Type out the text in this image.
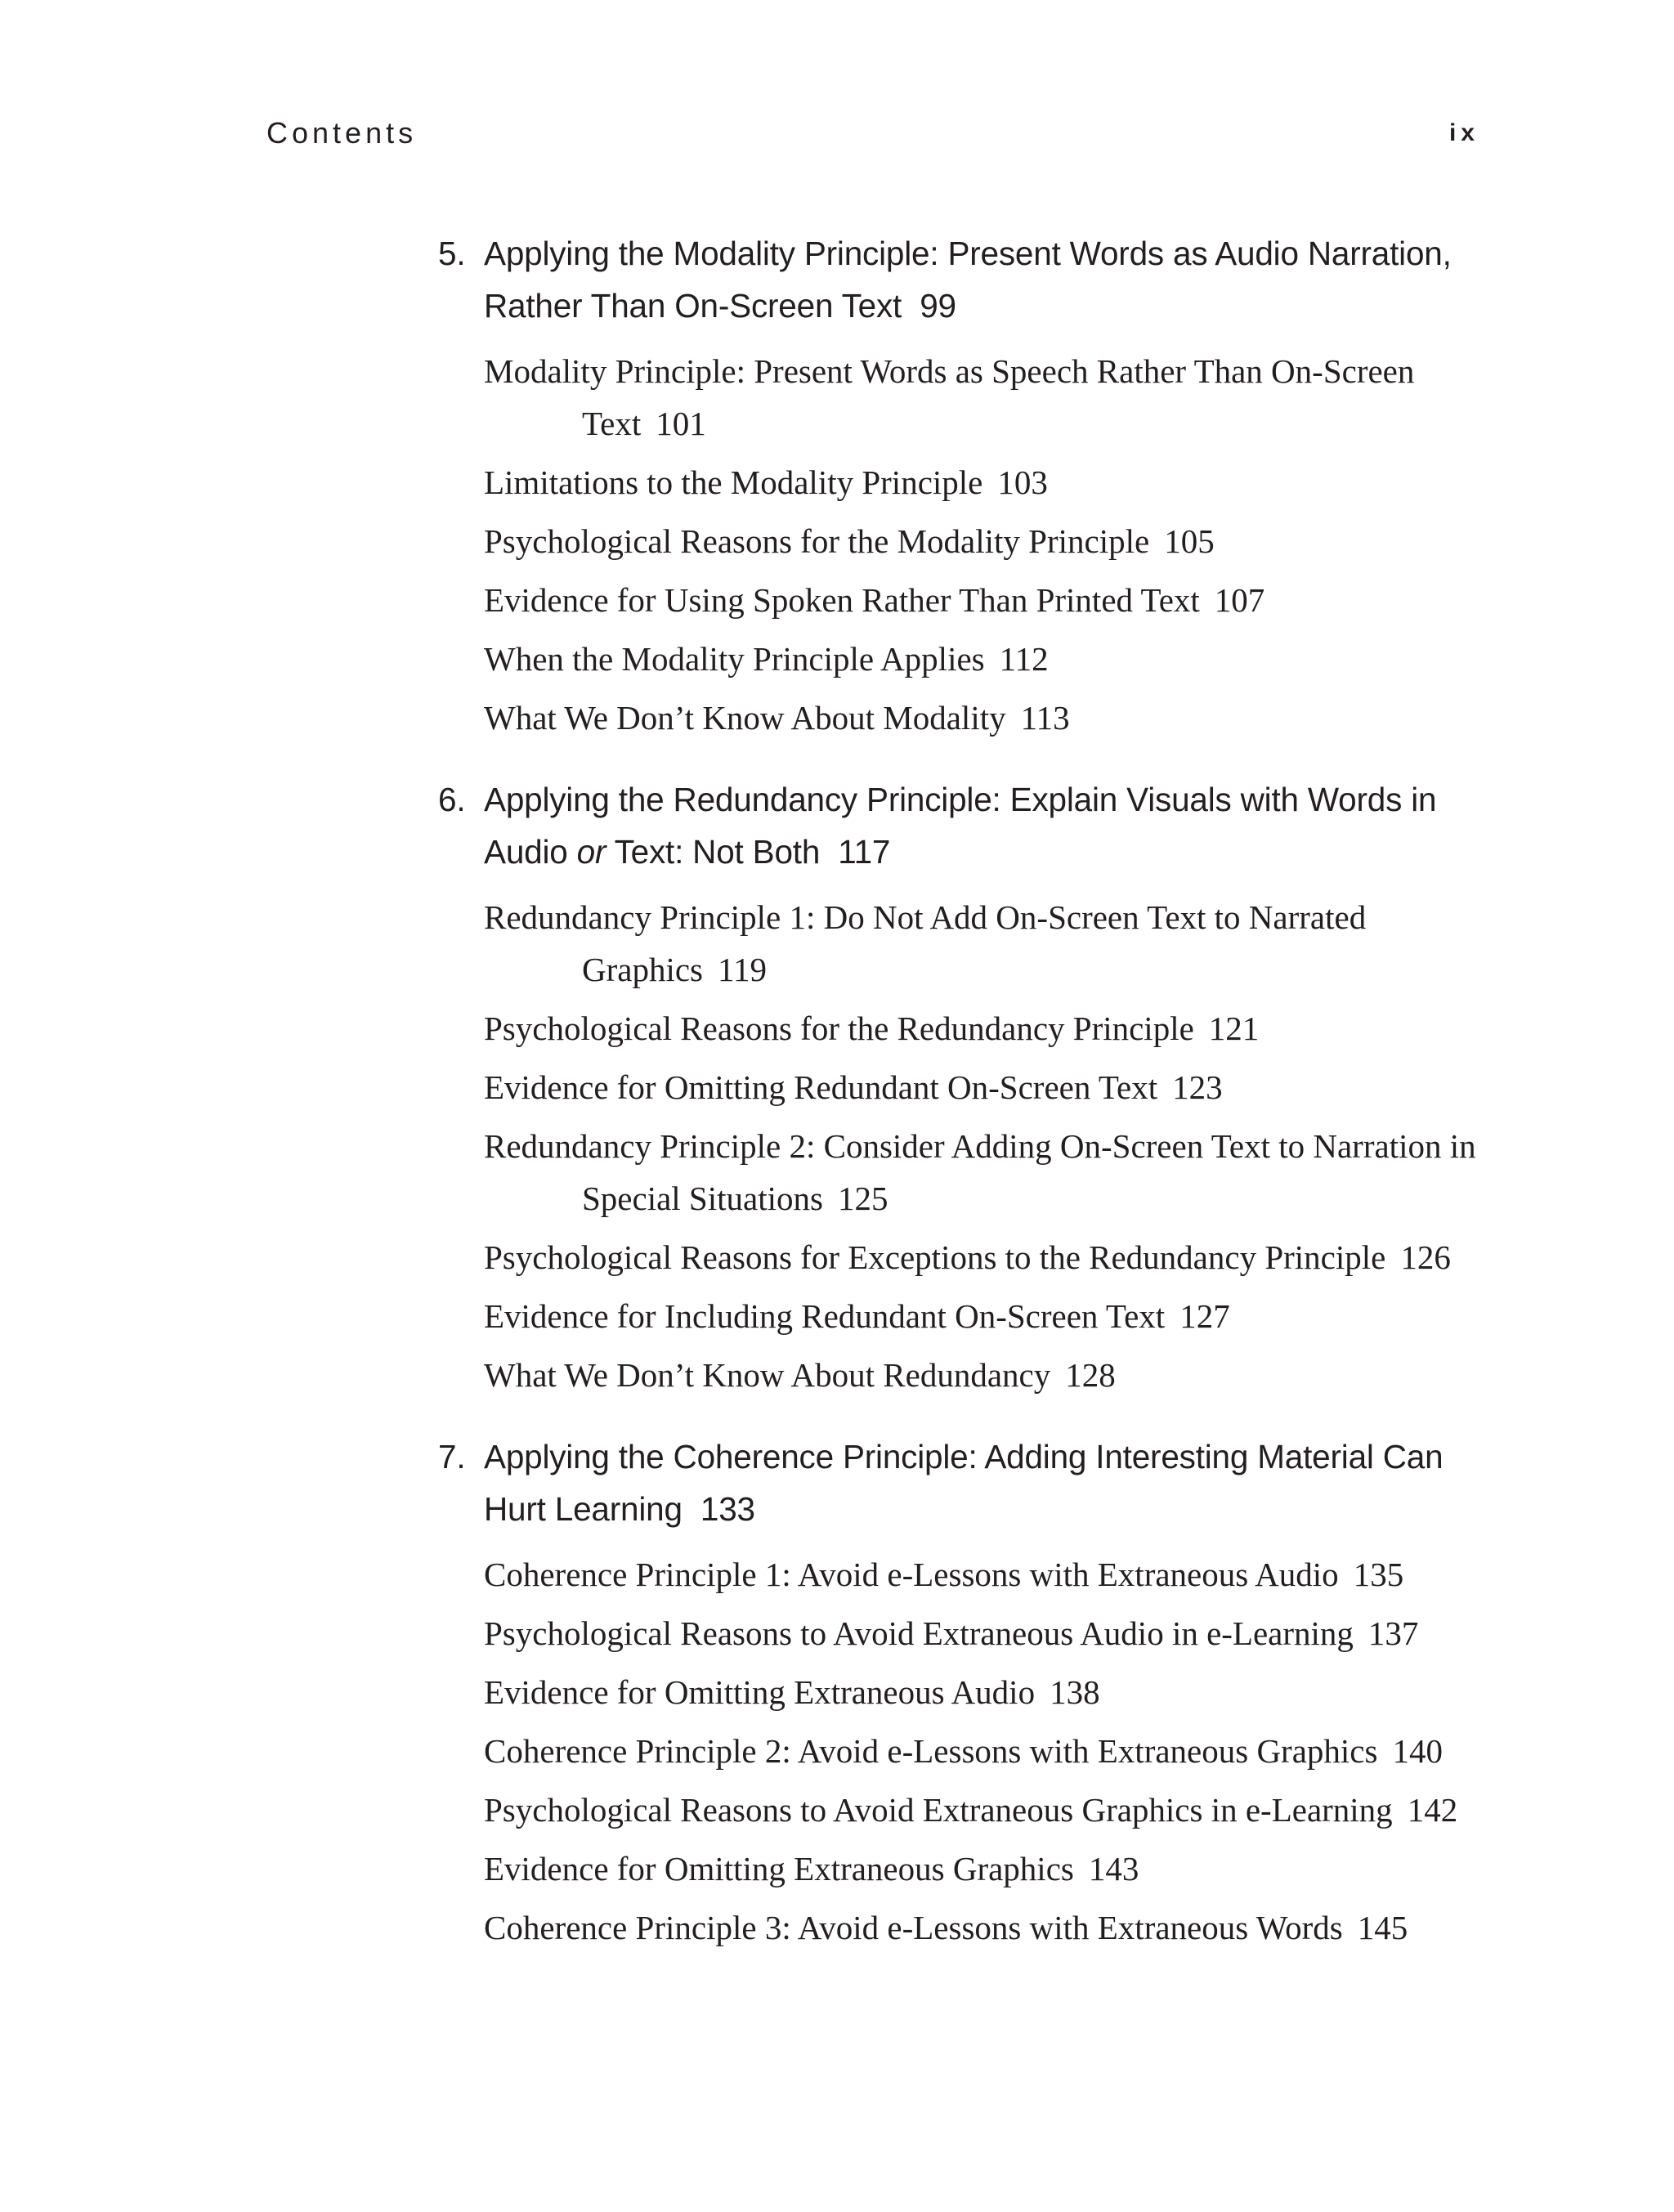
Contents	ix
5. Applying the Modality Principle: Present Words as Audio Narration, Rather Than On-Screen Text 99
Modality Principle: Present Words as Speech Rather Than On-Screen Text 101
Limitations to the Modality Principle 103
Psychological Reasons for the Modality Principle 105
Evidence for Using Spoken Rather Than Printed Text 107
When the Modality Principle Applies 112
What We Don’t Know About Modality 113
6. Applying the Redundancy Principle: Explain Visuals with Words in Audio or Text: Not Both 117
Redundancy Principle 1: Do Not Add On-Screen Text to Narrated Graphics 119
Psychological Reasons for the Redundancy Principle 121
Evidence for Omitting Redundant On-Screen Text 123
Redundancy Principle 2: Consider Adding On-Screen Text to Narration in Special Situations 125
Psychological Reasons for Exceptions to the Redundancy Principle 126
Evidence for Including Redundant On-Screen Text 127
What We Don’t Know About Redundancy 128
7. Applying the Coherence Principle: Adding Interesting Material Can Hurt Learning 133
Coherence Principle 1: Avoid e-Lessons with Extraneous Audio 135
Psychological Reasons to Avoid Extraneous Audio in e-Learning 137
Evidence for Omitting Extraneous Audio 138
Coherence Principle 2: Avoid e-Lessons with Extraneous Graphics 140
Psychological Reasons to Avoid Extraneous Graphics in e-Learning 142
Evidence for Omitting Extraneous Graphics 143
Coherence Principle 3: Avoid e-Lessons with Extraneous Words 145
